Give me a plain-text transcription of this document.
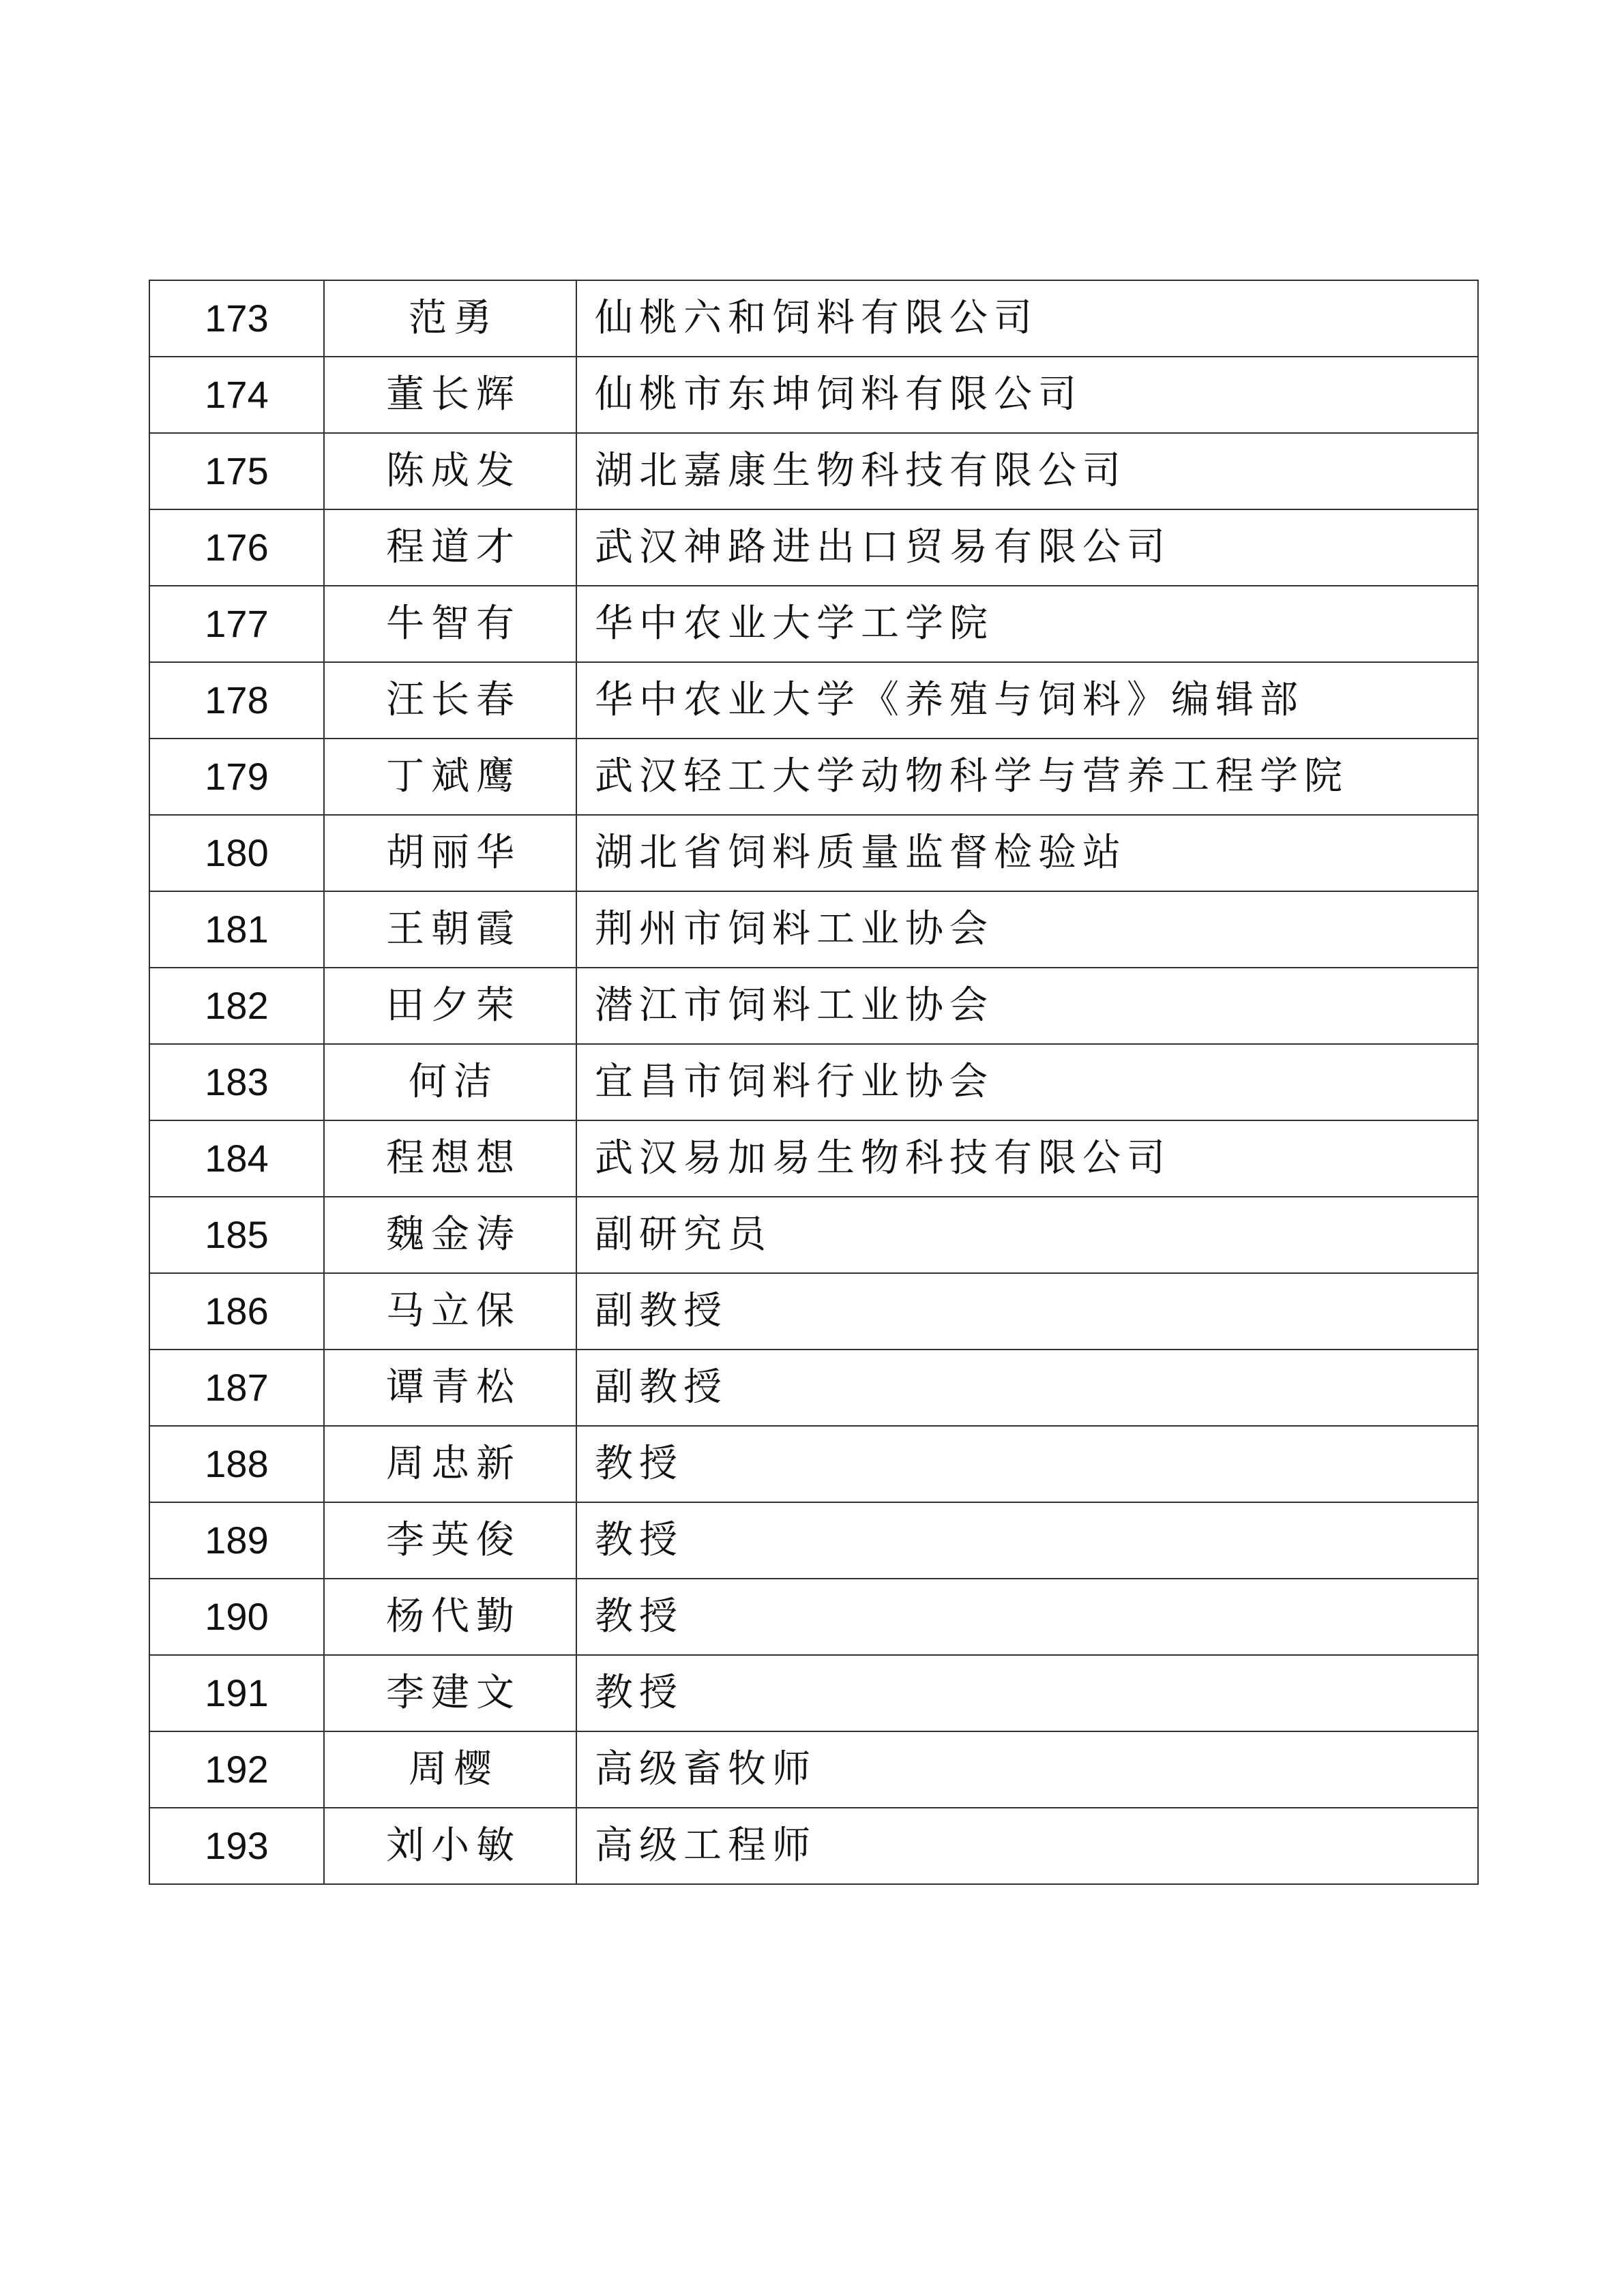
173	范勇	仙桃六和饲料有限公司
174	董长辉	仙桃市东坤饲料有限公司
175	陈成发	湖北嘉康生物科技有限公司
176	程道才	武汉神路进出口贸易有限公司
177	牛智有	华中农业大学工学院
178	汪长春	华中农业大学《养殖与饲料》编辑部
179	丁斌鹰	武汉轻工大学动物科学与营养工程学院
180	胡丽华	湖北省饲料质量监督检验站
181	王朝霞	荆州市饲料工业协会
182	田夕荣	潜江市饲料工业协会
183	何洁	宜昌市饲料行业协会
184	程想想	武汉易加易生物科技有限公司
185	魏金涛	副研究员
186	马立保	副教授
187	谭青松	副教授
188	周忠新	教授
189	李英俊	教授
190	杨代勤	教授
191	李建文	教授
192	周樱	高级畜牧师
193	刘小敏	高级工程师
